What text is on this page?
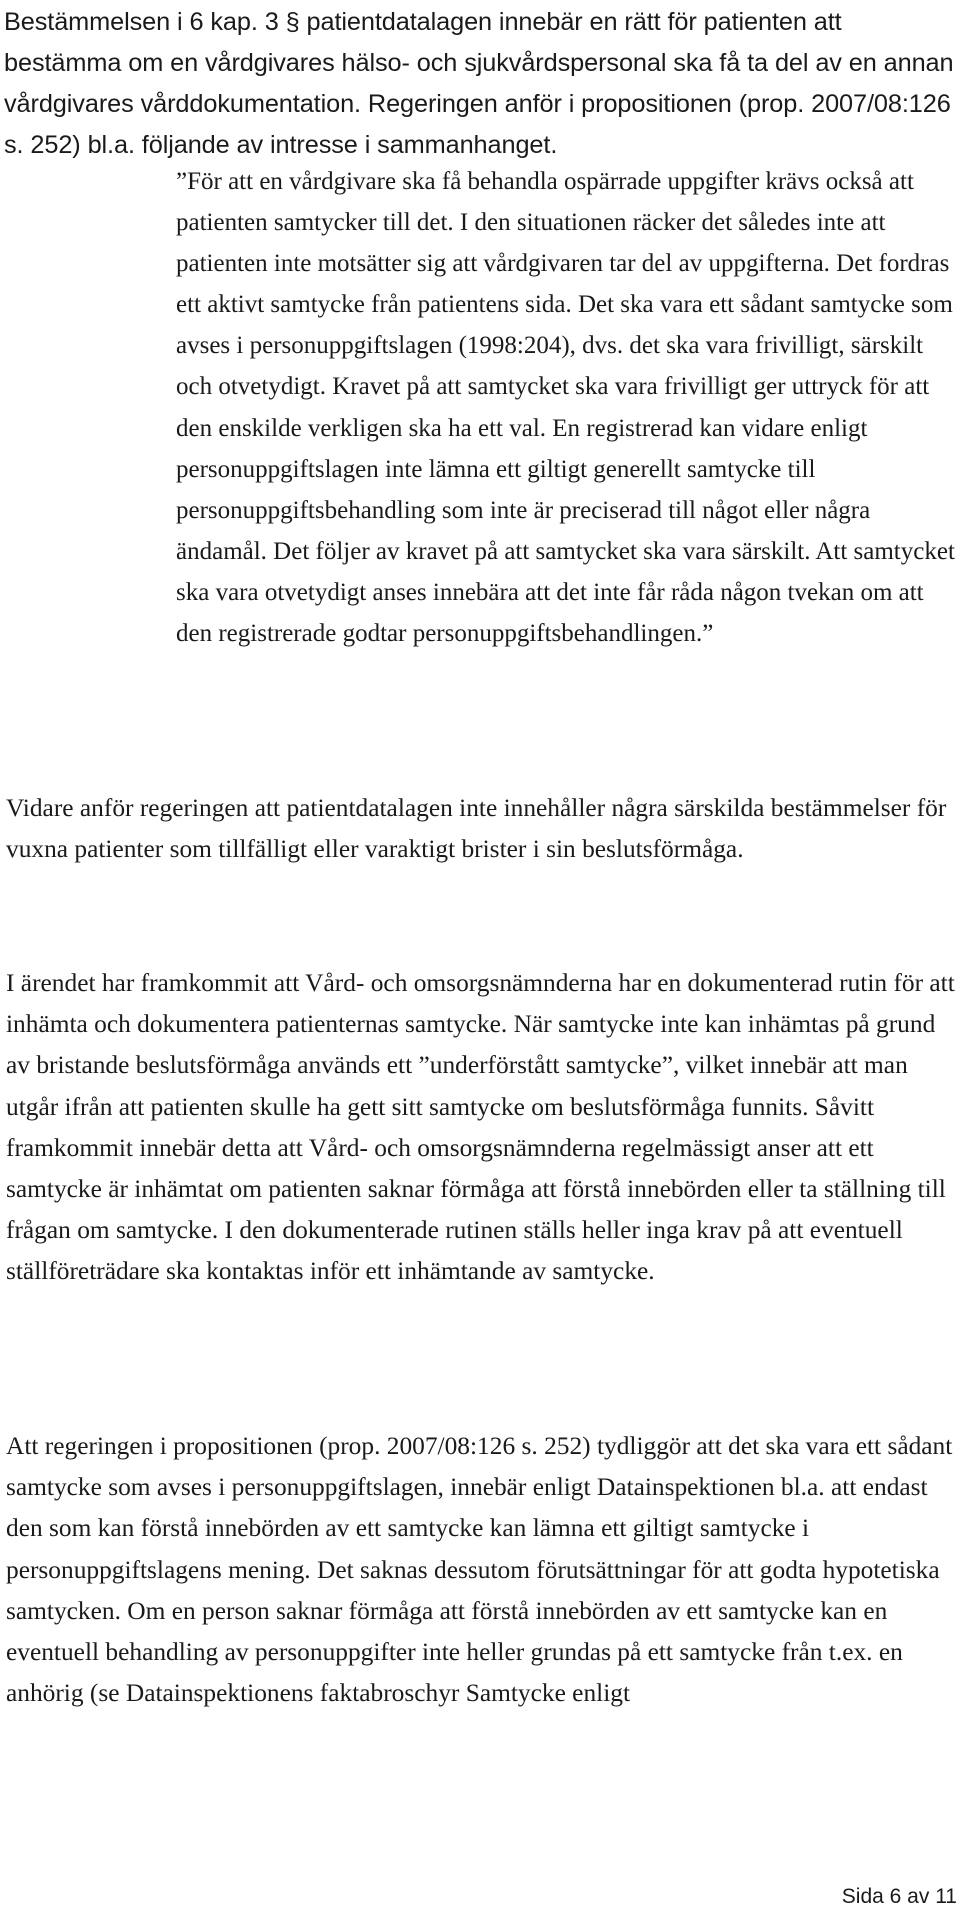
Bestämmelsen i 6 kap. 3 § patientdatalagen innebär en rätt för patienten att bestämma om en vårdgivares hälso- och sjukvårdspersonal ska få ta del av en annan vårdgivares vårddokumentation. Regeringen anför i propositionen (prop. 2007/08:126 s. 252) bl.a. följande av intresse i sammanhanget.

”För att en vårdgivare ska få behandla ospärrade uppgifter krävs också att patienten samtycker till det. I den situationen räcker det således inte att patienten inte motsätter sig att vårdgivaren tar del av uppgifterna. Det fordras ett aktivt samtycke från patientens sida. Det ska vara ett sådant samtycke som avses i personuppgiftslagen (1998:204), dvs. det ska vara frivilligt, särskilt och otvetydigt. Kravet på att samtycket ska vara frivilligt ger uttryck för att den enskilde verkligen ska ha ett val. En registrerad kan vidare enligt personuppgiftslagen inte lämna ett giltigt generellt samtycke till personuppgiftsbehandling som inte är preciserad till något eller några ändamål. Det följer av kravet på att samtycket ska vara särskilt. Att samtycket ska vara otvetydigt anses innebära att det inte får råda någon tvekan om att den registrerade godtar personuppgiftsbehandlingen.”

Vidare anför regeringen att patientdatalagen inte innehåller några särskilda bestämmelser för vuxna patienter som tillfälligt eller varaktigt brister i sin beslutsförmåga.

I ärendet har framkommit att Vård- och omsorgsnämnderna har en dokumenterad rutin för att inhämta och dokumentera patienternas samtycke. När samtycke inte kan inhämtas på grund av bristande beslutsförmåga används ett ”underförstått samtycke”, vilket innebär att man utgår ifrån att patienten skulle ha gett sitt samtycke om beslutsförmåga funnits. Såvitt framkommit innebär detta att Vård- och omsorgsnämnderna regelmässigt anser att ett samtycke är inhämtat om patienten saknar förmåga att förstå innebörden eller ta ställning till frågan om samtycke. I den dokumenterade rutinen ställs heller inga krav på att eventuell ställföreträdare ska kontaktas inför ett inhämtande av samtycke.

Att regeringen i propositionen (prop. 2007/08:126 s. 252) tydliggör att det ska vara ett sådant samtycke som avses i personuppgiftslagen, innebär enligt Datainspektionen bl.a. att endast den som kan förstå innebörden av ett samtycke kan lämna ett giltigt samtycke i personuppgiftslagens mening. Det saknas dessutom förutsättningar för att godta hypotetiska samtycken. Om en person saknar förmåga att förstå innebörden av ett samtycke kan en eventuell behandling av personuppgifter inte heller grundas på ett samtycke från t.ex. en anhörig (se Datainspektionens faktabroschyr Samtycke enligt

Sida 6 av 11
